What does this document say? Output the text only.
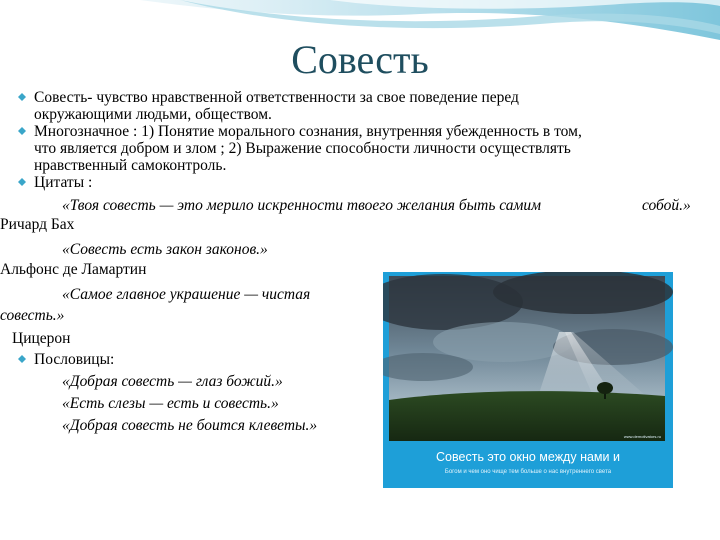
Совесть
Совесть- чувство нравственной ответственности за свое поведение перед
окружающими людьми, обществом.
Многозначное : 1) Понятие морального сознания, внутренняя убежденность в том,
что является добром и злом ; 2) Выражение способности личности осуществлять
нравственный самоконтроль.
Цитаты :
«Твоя совесть — это мерило искренности твоего желания быть самим	собой.»
Ричард Бах
«Совесть есть закон законов.»
Альфонс де Ламартин
«Самое главное украшение — чистая
совесть.»
Цицерон
Пословицы:
«Добрая совесть — глаз божий.»
«Есть слезы — есть и совесть.»
«Добрая совесть не боится клеветы.»
Совесть это окно между нами и
Богом и чем оно чище тем больше о нас внутреннего света
www.demotivators.ru
